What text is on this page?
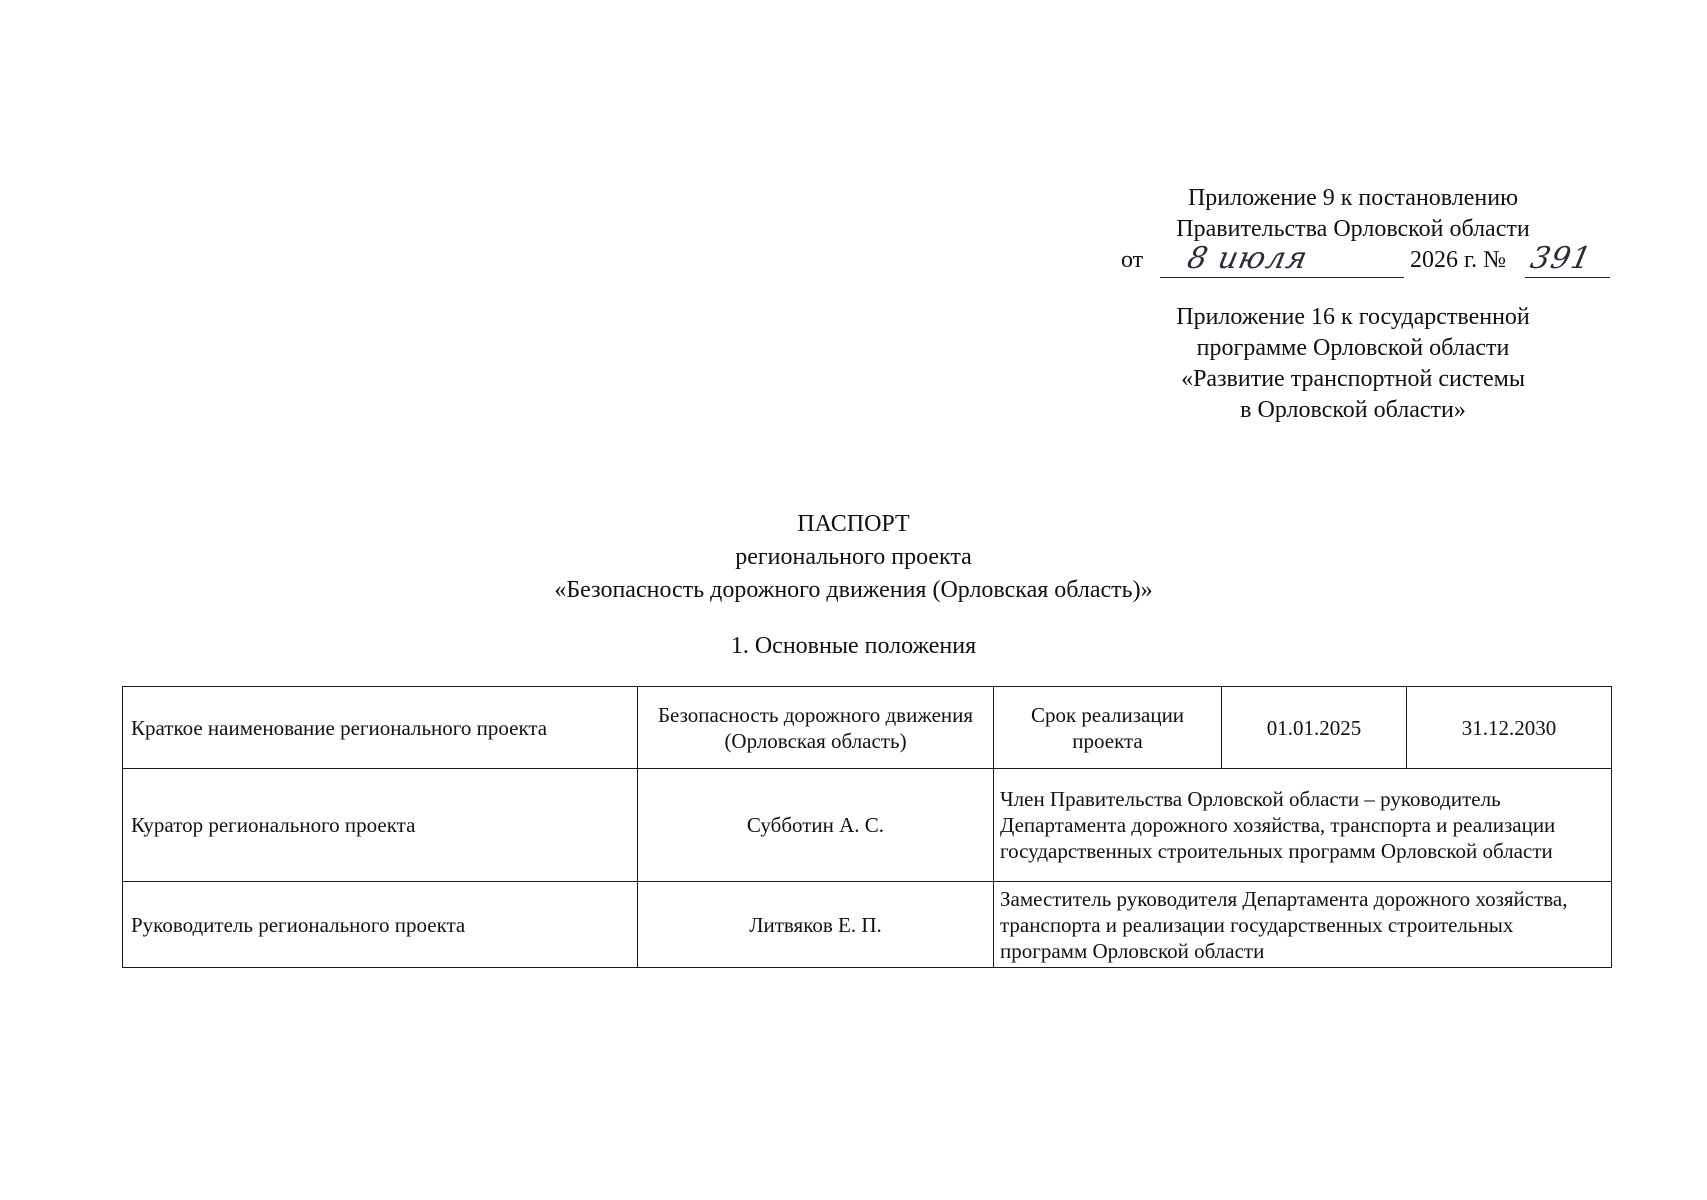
Приложение 9 к постановлению
Правительства Орловской области
от 8 июля	2026 г. № 391
Приложение 16 к государственной
программе Орловской области
«Развитие транспортной системы
в Орловской области»
ПАСПОРТ
регионального проекта
«Безопасность дорожного движения (Орловская область)»
1. Основные положения
Краткое наименование регионального проекта	Безопасность дорожного движения (Орловская область)	Срок реализации проекта	01.01.2025	31.12.2030
Куратор регионального проекта	Субботин А. С.	Член Правительства Орловской области – руководитель Департамента дорожного хозяйства, транспорта и реализации государственных строительных программ Орловской области		
Руководитель регионального проекта	Литвяков Е. П.	Заместитель руководителя Департамента дорожного хозяйства, транспорта и реализации государственных строительных программ Орловской области		
